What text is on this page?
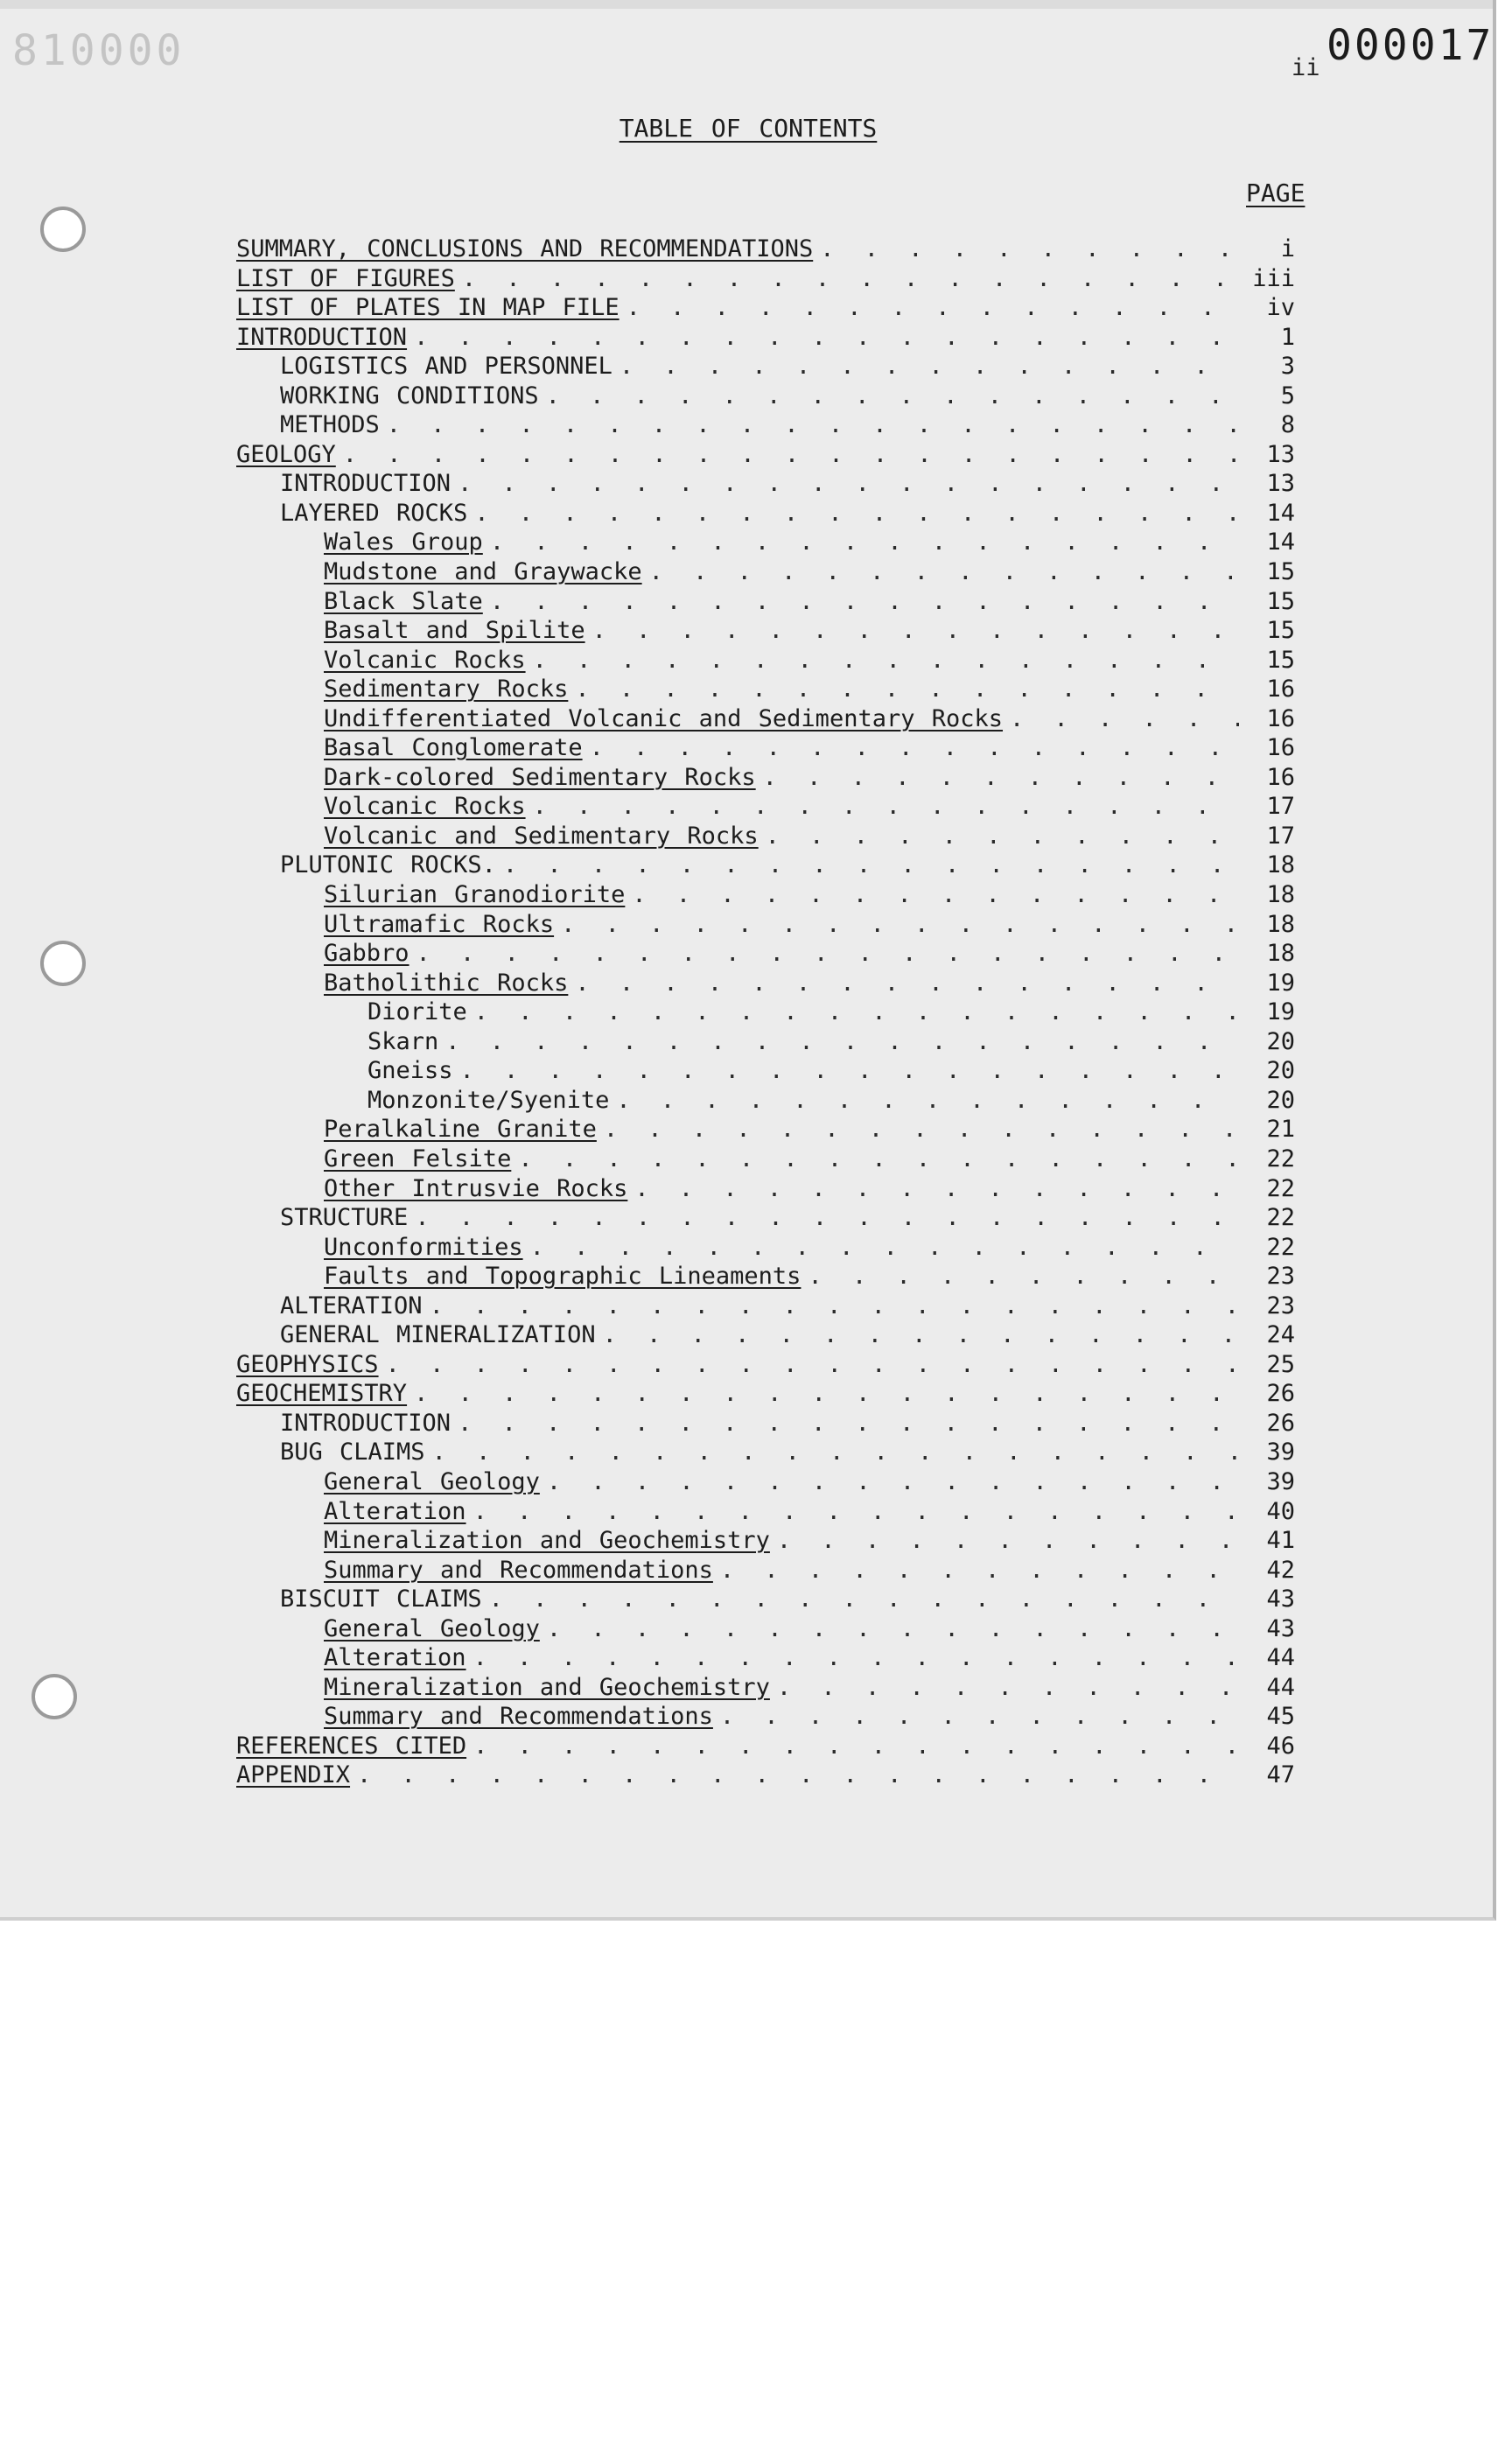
810000	ii 000017
TABLE OF CONTENTS
PAGE
SUMMARY, CONCLUSIONS AND RECOMMENDATIONS . . .	i
LIST OF FIGURES . . .	iii
LIST OF PLATES IN MAP FILE . . .	iv
INTRODUCTION . . .	1
LOGISTICS AND PERSONNEL . . .	3
WORKING CONDITIONS . . .	5
METHODS . . .	8
GEOLOGY . . .	13
INTRODUCTION . . .	13
LAYERED ROCKS . . .	14
Wales Group . . .	14
Mudstone and Graywacke . . .	15
Black Slate . . .	15
Basalt and Spilite . . .	15
Volcanic Rocks . . .	15
Sedimentary Rocks . . .	16
Undifferentiated Volcanic and Sedimentary Rocks . . .	16
Basal Conglomerate . . .	16
Dark-colored Sedimentary Rocks . . .	16
Volcanic Rocks . . .	17
Volcanic and Sedimentary Rocks . . .	17
PLUTONIC ROCKS. . . .	18
Silurian Granodiorite . . .	18
Ultramafic Rocks . . .	18
Gabbro . . .	18
Batholithic Rocks . . .	19
Diorite . . .	19
Skarn . . .	20
Gneiss . . .	20
Monzonite/Syenite . . .	20
Peralkaline Granite . . .	21
Green Felsite . . .	22
Other Intrusvie Rocks . . .	22
STRUCTURE . . .	22
Unconformities . . .	22
Faults and Topographic Lineaments . . .	23
ALTERATION . . .	23
GENERAL MINERALIZATION . . .	24
GEOPHYSICS . . .	25
GEOCHEMISTRY . . .	26
INTRODUCTION . . .	26
BUG CLAIMS . . .	39
General Geology . . .	39
Alteration . . .	40
Mineralization and Geochemistry . . .	41
Summary and Recommendations . . .	42
BISCUIT CLAIMS . . .	43
General Geology . . .	43
Alteration . . .	44
Mineralization and Geochemistry . . .	44
Summary and Recommendations . . .	45
REFERENCES CITED . . .	46
APPENDIX . . .	47
